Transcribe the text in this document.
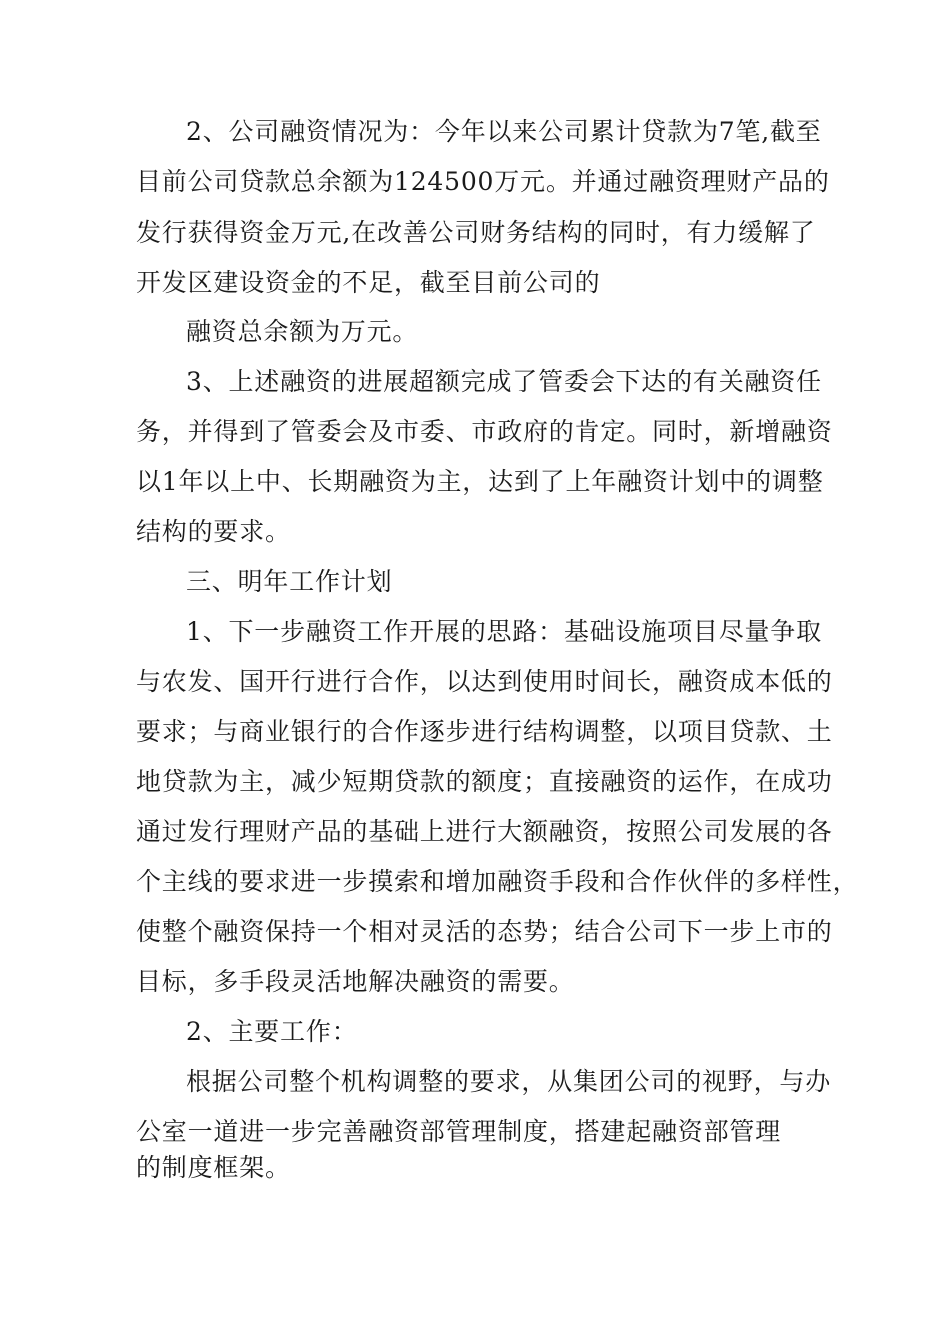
2、公司融资情况为：今年以来公司累计贷款为7笔,截至
目前公司贷款总余额为124500万元。并通过融资理财产品的
发行获得资金万元,在改善公司财务结构的同时，有力缓解了
开发区建设资金的不足，截至目前公司的
融资总余额为万元。
3、上述融资的进展超额完成了管委会下达的有关融资任
务，并得到了管委会及市委、市政府的肯定。同时，新增融资
以1年以上中、长期融资为主，达到了上年融资计划中的调整
结构的要求。
三、明年工作计划
1、下一步融资工作开展的思路：基础设施项目尽量争取
与农发、国开行进行合作，以达到使用时间长，融资成本低的
要求；与商业银行的合作逐步进行结构调整，以项目贷款、土
地贷款为主，减少短期贷款的额度；直接融资的运作，在成功
通过发行理财产品的基础上进行大额融资，按照公司发展的各
个主线的要求进一步摸索和增加融资手段和合作伙伴的多样性，
使整个融资保持一个相对灵活的态势；结合公司下一步上市的
目标，多手段灵活地解决融资的需要。
2、主要工作：
根据公司整个机构调整的要求，从集团公司的视野，与办
公室一道进一步完善融资部管理制度，搭建起融资部管理
的制度框架。
